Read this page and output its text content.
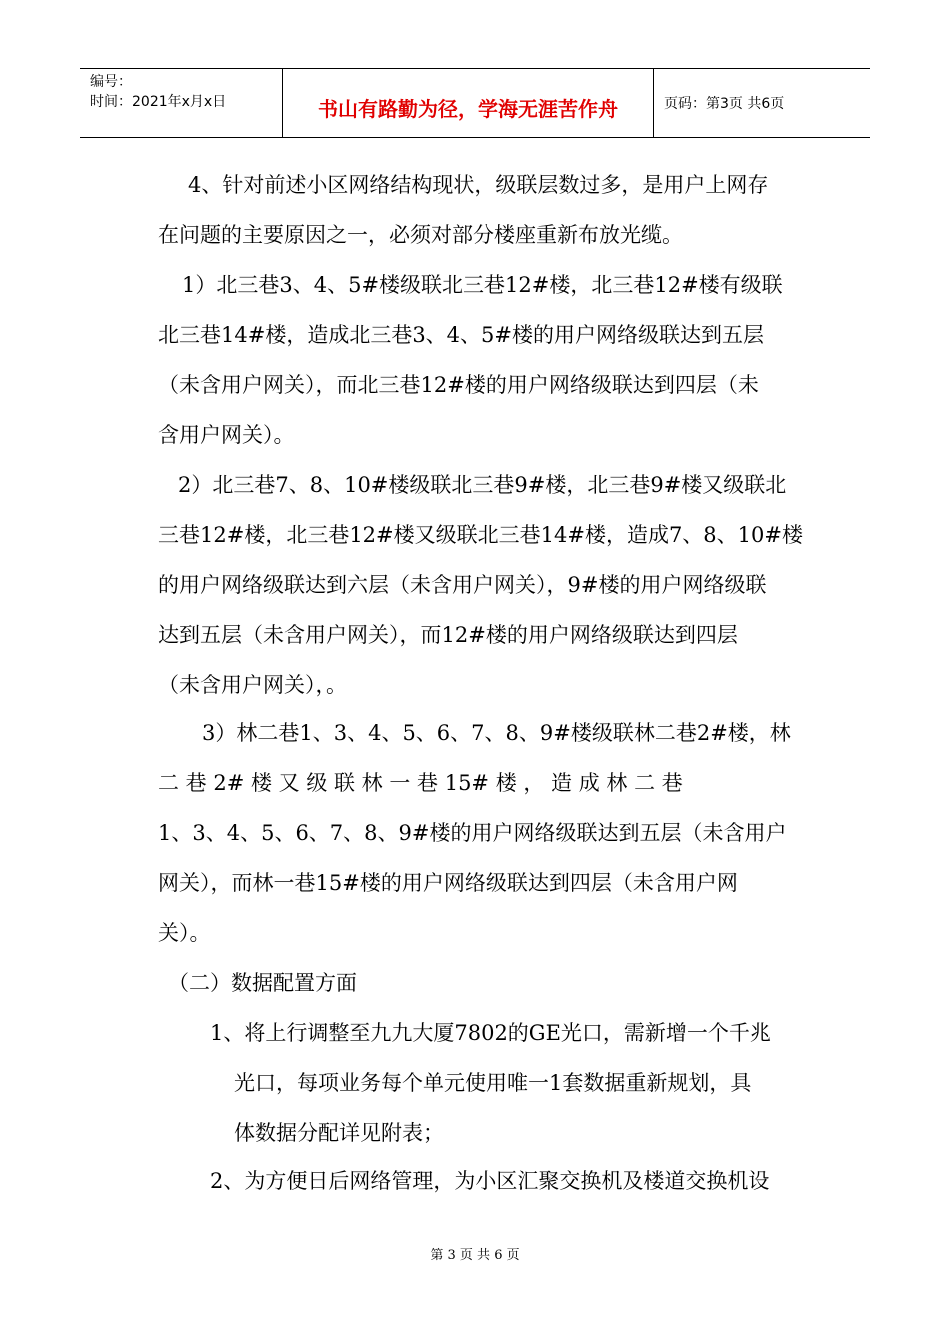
编号：
时间：2021年x月x日	书山有路勤为径，学海无涯苦作舟	页码：第3页 共6页
4、针对前述小区网络结构现状，级联层数过多，是用户上网存
在问题的主要原因之一，必须对部分楼座重新布放光缆。
1）北三巷3、4、5#楼级联北三巷12#楼，北三巷12#楼有级联
北三巷14#楼，造成北三巷3、4、5#楼的用户网络级联达到五层
（未含用户网关），而北三巷12#楼的用户网络级联达到四层（未
含用户网关）。
2）北三巷7、8、10#楼级联北三巷9#楼，北三巷9#楼又级联北
三巷12#楼，北三巷12#楼又级联北三巷14#楼，造成7、8、10#楼
的用户网络级联达到六层（未含用户网关），9#楼的用户网络级联
达到五层（未含用户网关），而12#楼的用户网络级联达到四层
（未含用户网关），。
3）林二巷1、3、4、5、6、7、8、9#楼级联林二巷2#楼，林
二 巷 2# 楼 又 级 联 林 一 巷 15# 楼 ， 造 成 林 二 巷
1、3、4、5、6、7、8、9#楼的用户网络级联达到五层（未含用户
网关），而林一巷15#楼的用户网络级联达到四层（未含用户网
关）。
（二）数据配置方面
1、将上行调整至九九大厦7802的GE光口，需新增一个千兆
光口，每项业务每个单元使用唯一1套数据重新规划，具
体数据分配详见附表；
2、为方便日后网络管理，为小区汇聚交换机及楼道交换机设
第 3 页 共 6 页
